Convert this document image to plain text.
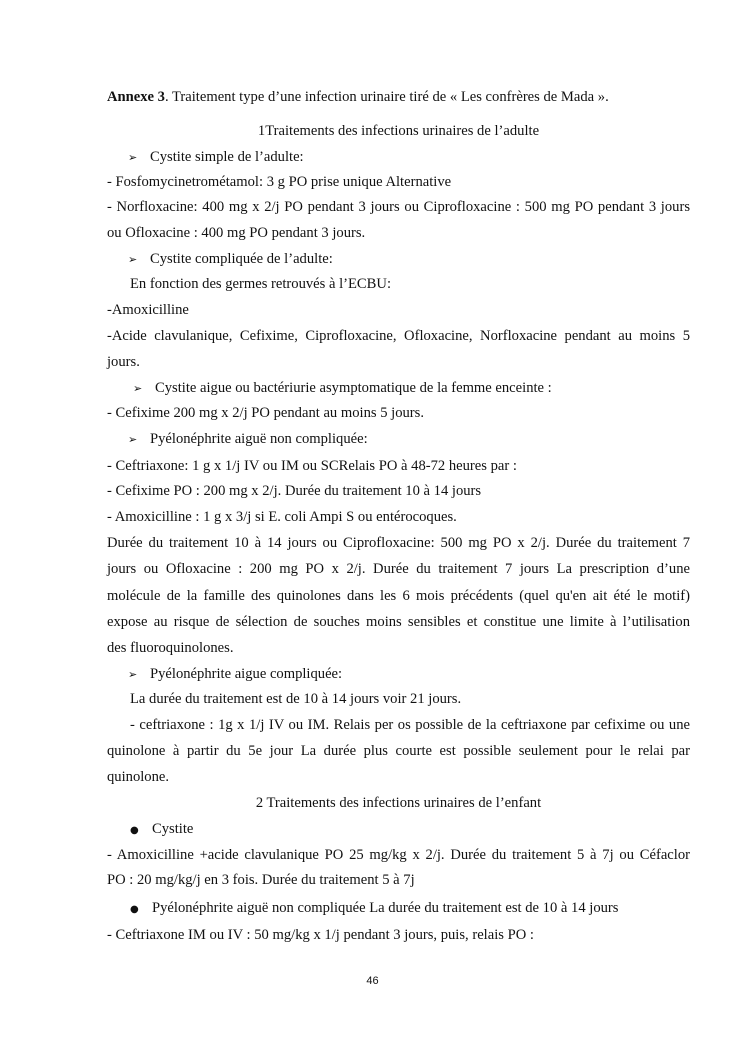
Annexe 3. Traitement type d’une infection urinaire tiré de « Les confrères de Mada ».
1Traitements des infections urinaires de l’adulte
➢ Cystite simple de l’adulte:
- Fosfomycinetrométamol: 3 g PO prise unique Alternative
- Norfloxacine: 400 mg x 2/j PO pendant 3 jours ou Ciprofloxacine : 500 mg PO pendant 3 jours
ou Ofloxacine : 400 mg PO pendant 3 jours.
➢ Cystite compliquée de l’adulte:
En fonction des germes retrouvés à l’ECBU:
-Amoxicilline
-Acide clavulanique, Cefixime, Ciprofloxacine, Ofloxacine, Norfloxacine pendant au moins 5
jours.
➢ Cystite aigue ou bactériurie asymptomatique de la femme enceinte :
- Cefixime 200 mg x 2/j PO pendant au moins 5 jours.
➢ Pyélonéphrite aiguë non compliquée:
- Ceftriaxone: 1 g x 1/j IV ou IM ou SCRelais PO à 48-72 heures par :
- Cefixime PO : 200 mg x 2/j. Durée du traitement 10 à 14 jours
- Amoxicilline : 1 g x 3/j si E. coli Ampi S ou entérocoques.
Durée du traitement 10 à 14 jours ou Ciprofloxacine: 500 mg PO x 2/j. Durée du traitement 7
jours ou Ofloxacine : 200 mg PO x 2/j. Durée du traitement 7 jours La prescription d’une
molécule de la famille des quinolones dans les 6 mois précédents (quel qu'en ait été le motif)
expose au risque de sélection de souches moins sensibles et constitue une limite à l’utilisation
des fluoroquinolones.
➢ Pyélonéphrite aigue compliquée:
La durée du traitement est de 10 à 14 jours voir 21 jours.
- ceftriaxone : 1g x 1/j IV ou IM. Relais per os possible de la ceftriaxone par cefixime ou une
quinolone à partir du 5e jour La durée plus courte est possible seulement pour le relai par
quinolone.
2 Traitements des infections urinaires de l’enfant
● Cystite
- Amoxicilline +acide clavulanique PO 25 mg/kg x 2/j. Durée du traitement 5 à 7j ou Céfaclor
PO : 20 mg/kg/j en 3 fois. Durée du traitement 5 à 7j
● Pyélonéphrite aiguë non compliquée La durée du traitement est de 10 à 14 jours
- Ceftriaxone IM ou IV : 50 mg/kg x 1/j pendant 3 jours, puis, relais PO :
46
